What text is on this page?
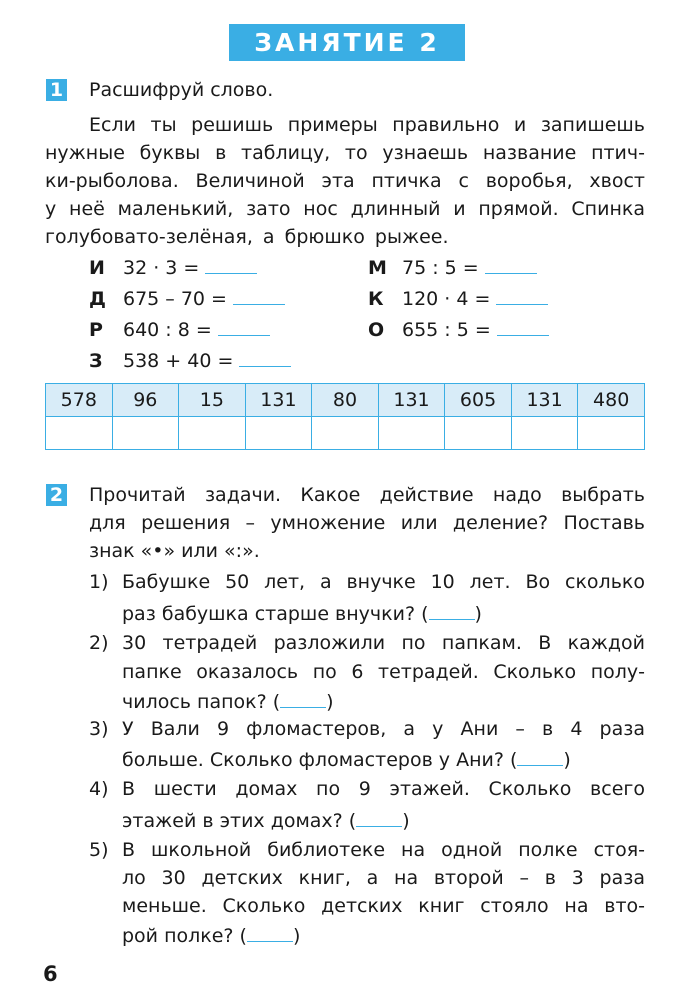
ЗАНЯТИЕ 2
1 Расшифруй слово.
Если ты решишь примеры правильно и запишешь
нужные буквы в таблицу, то узнаешь название птич-
ки-рыболова. Величиной эта птичка с воробья, хвост
у неё маленький, зато нос длинный и прямой. Спинка
голубовато-зелёная, а брюшко рыжее.
И 32 · 3 =	М 75 : 5 =
Д 675 – 70 =	К 120 · 4 =
Р 640 : 8 =	О 655 : 5 =
З 538 + 40 =
578	96	15	131	80	131	605	131	480

2 Прочитай задачи. Какое действие надо выбрать
для решения – умножение или деление? Поставь
знак «•» или «:».
1) Бабушке 50 лет, а внучке 10 лет. Во сколько
раз бабушка старше внучки? ( )
2) 30 тетрадей разложили по папкам. В каждой
папке оказалось по 6 тетрадей. Сколько полу-
чилось папок? ( )
3) У Вали 9 фломастеров, а у Ани – в 4 раза
больше. Сколько фломастеров у Ани? ( )
4) В шести домах по 9 этажей. Сколько всего
этажей в этих домах? ( )
5) В школьной библиотеке на одной полке стоя-
ло 30 детских книг, а на второй – в 3 раза
меньше. Сколько детских книг стояло на вто-
рой полке? ( )
6
